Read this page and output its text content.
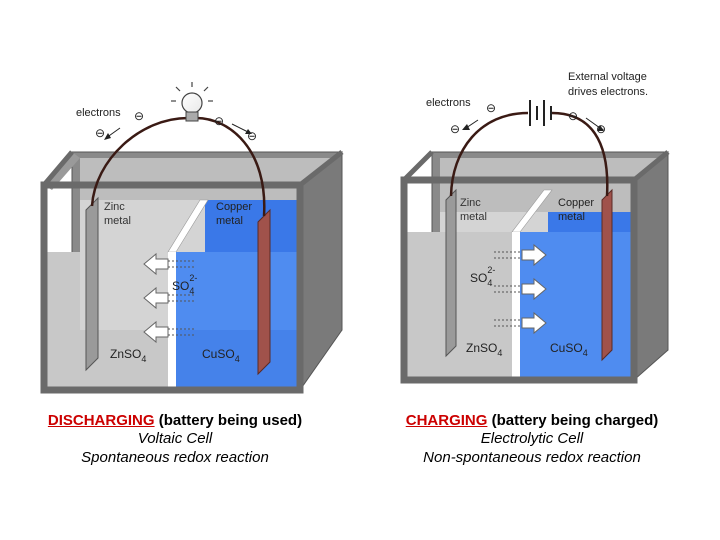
electrons
⊖
⊖	⊖
⊖
Zinc metal
Copper metal
$SO_42-$
ZnSO$_4$	CuSO$_4$
External voltage drives electrons.
electrons
⊖
⊖
⊖
⊖
Zinc metal
Copper metal
$SO_42-$
ZnSO$_4$	CuSO$_4$
DISCHARGING (battery being used)
Voltaic Cell
Spontaneous redox reaction
CHARGING (battery being charged)
Electrolytic Cell
Non-spontaneous redox reaction
